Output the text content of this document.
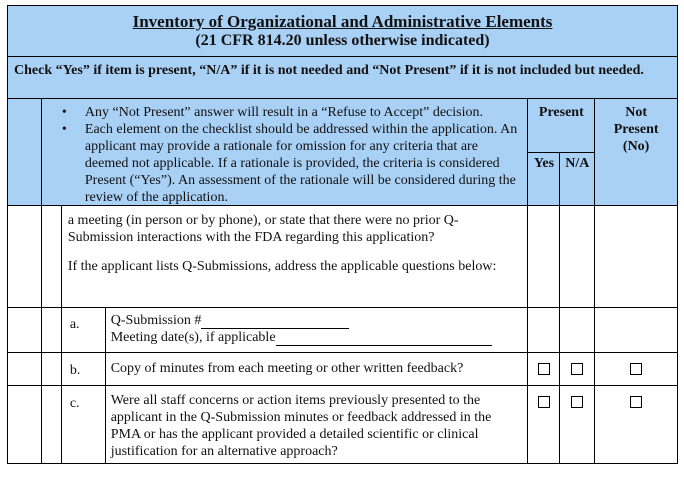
Inventory of Organizational and Administrative Elements
(21 CFR 814.20 unless otherwise indicated)
Check “Yes” if item is present, “N/A” if it is not needed and “Not Present” if it is not included but needed.
• Any “Not Present” answer will result in a “Refuse to Accept” decision.
• Each element on the checklist should be addressed within the application. An applicant may provide a rationale for omission for any criteria that are deemed not applicable. If a rationale is provided, the criteria is considered Present (“Yes”). An assessment of the rationale will be considered during the review of the application.
Present
Yes N/A
Not
Present
(No)

a meeting (in person or by phone), or state that there were no prior Q-Submission interactions with the FDA regarding this application?

If the applicant lists Q-Submissions, address the applicable questions below:

a.	Q-Submission #
Meeting date(s), if applicable
b.	Copy of minutes from each meeting or other written feedback?
c.	Were all staff concerns or action items previously presented to the applicant in the Q-Submission minutes or feedback addressed in the PMA or has the applicant provided a detailed scientific or clinical justification for an alternative approach?
